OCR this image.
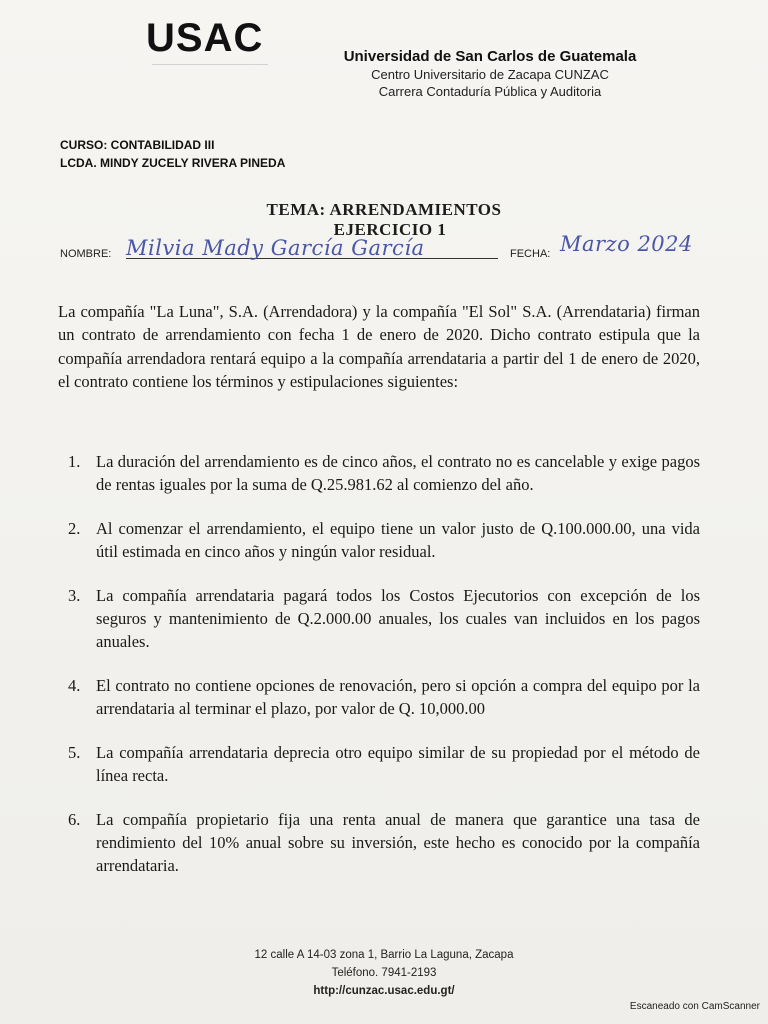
USAC	Universidad de San Carlos de Guatemala
Centro Universitario de Zacapa CUNZAC
Carrera Contaduría Pública y Auditoria
CURSO: CONTABILIDAD III
LCDA. MINDY ZUCELY RIVERA PINEDA
TEMA: ARRENDAMIENTOS
EJERCICIO 1
NOMBRE: Milvia Mady García García	FECHA: Marzo 2024

La compañía "La Luna", S.A. (Arrendadora) y la compañía "El Sol" S.A. (Arrendataria) firman un contrato de arrendamiento con fecha 1 de enero de 2020. Dicho contrato estipula que la compañía arrendadora rentará equipo a la compañía arrendataria a partir del 1 de enero de 2020, el contrato contiene los términos y estipulaciones siguientes:

1. La duración del arrendamiento es de cinco años, el contrato no es cancelable y exige pagos de rentas iguales por la suma de Q.25.981.62 al comienzo del año.
2. Al comenzar el arrendamiento, el equipo tiene un valor justo de Q.100.000.00, una vida útil estimada en cinco años y ningún valor residual.
3. La compañía arrendataria pagará todos los Costos Ejecutorios con excepción de los seguros y mantenimiento de Q.2.000.00 anuales, los cuales van incluidos en los pagos anuales.
4. El contrato no contiene opciones de renovación, pero si opción a compra del equipo por la arrendataria al terminar el plazo, por valor de Q. 10,000.00
5. La compañía arrendataria deprecia otro equipo similar de su propiedad por el método de línea recta.
6. La compañía propietario fija una renta anual de manera que garantice una tasa de rendimiento del 10% anual sobre su inversión, este hecho es conocido por la compañía arrendataria.
12 calle A 14-03 zona 1, Barrio La Laguna, Zacapa
Teléfono. 7941-2193
http://cunzac.usac.edu.gt/
Escaneado con CamScanner
